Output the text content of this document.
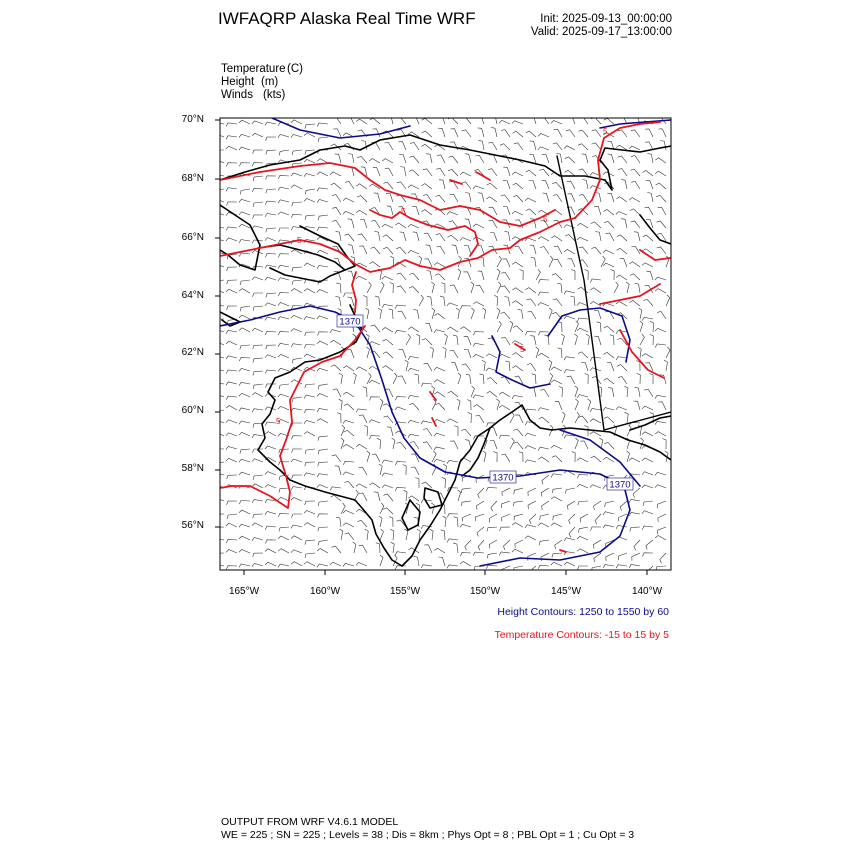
IWFAQRP Alaska Real Time WRF	Init: 2025-09-13_00:00:00
Valid: 2025-09-17_13:00:00
Temperature(C)
Height (m)
Winds (kts)
1370
1370
1370
5
5
5
5
5
5
70°N
68°N
66°N
64°N
62°N
60°N
58°N
56°N
165°W	160°W	155°W	150°W	145°W	140°W
Height Contours: 1250 to 1550 by 60
Temperature Contours: -15 to 15 by 5
OUTPUT FROM WRF V4.6.1 MODEL
WE = 225 ; SN = 225 ; Levels = 38 ; Dis = 8km ; Phys Opt = 8 ; PBL Opt = 1 ; Cu Opt = 3
